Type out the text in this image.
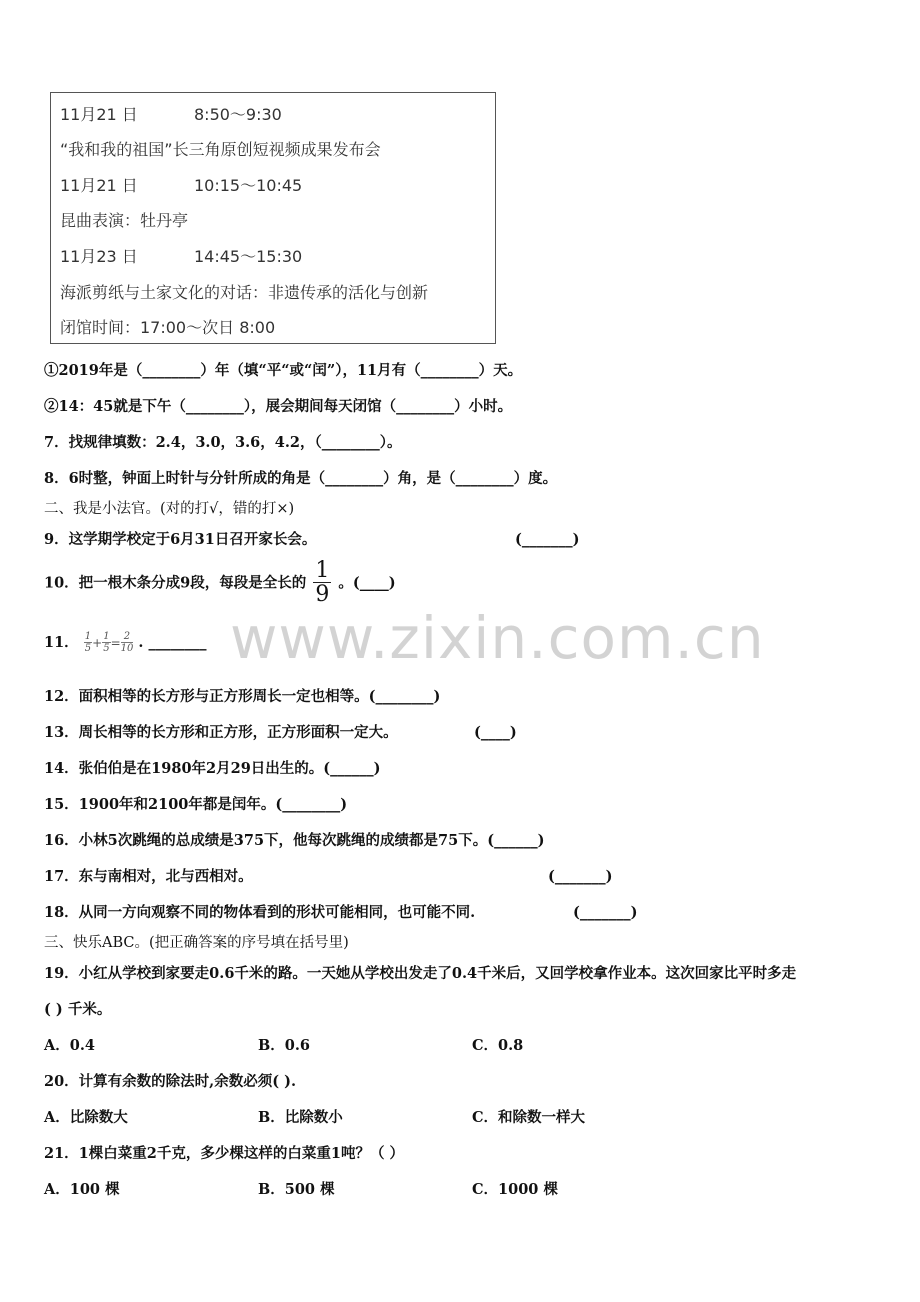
11月21 日	8:50～9:30
“我和我的祖国”长三角原创短视频成果发布会
11月21 日	10:15～10:45
昆曲表演：牡丹亭
11月23 日	14:45～15:30
海派剪纸与土家文化的对话：非遗传承的活化与创新
闭馆时间：17:00～次日 8:00
①2019年是（________）年（填“平“或“闰”），11月有（________）天。
②14：45就是下午（________），展会期间每天闭馆（________）小时。
7．找规律填数：2.4，3.0，3.6，4.2，（________）。
8．6时整，钟面上时针与分针所成的角是（________）角，是（________）度。
二、我是小法官。(对的打√，错的打×)
9．这学期学校定于6月31日召开家长会。	(_______)
10．把一根木条分成9段，每段是全长的 $\frac{1}{9}$ 。(____)
11． $\frac{1}{5} + \frac{1}{5} = \frac{2}{10}$ . ________ www.zixin.com.cn
12．面积相等的长方形与正方形周长一定也相等。(________)
13．周长相等的长方形和正方形，正方形面积一定大。	(____)
14．张伯伯是在1980年2月29日出生的。(______)
15．1900年和2100年都是闰年。(________)
16．小林5次跳绳的总成绩是375下，他每次跳绳的成绩都是75下。(______)
17．东与南相对，北与西相对。	(_______)
18．从同一方向观察不同的物体看到的形状可能相同，也可能不同.	(_______)
三、快乐ABC。(把正确答案的序号填在括号里)
19．小红从学校到家要走0.6千米的路。一天她从学校出发走了0.4千米后，又回学校拿作业本。这次回家比平时多走
( ) 千米。
A．0.4	B．0.6	C．0.8
20．计算有余数的除法时,余数必须( ).
A．比除数大	B．比除数小	C．和除数一样大
21．1棵白菜重2千克，多少棵这样的白菜重1吨？（ ）
A．100 棵	B．500 棵	C．1000 棵
